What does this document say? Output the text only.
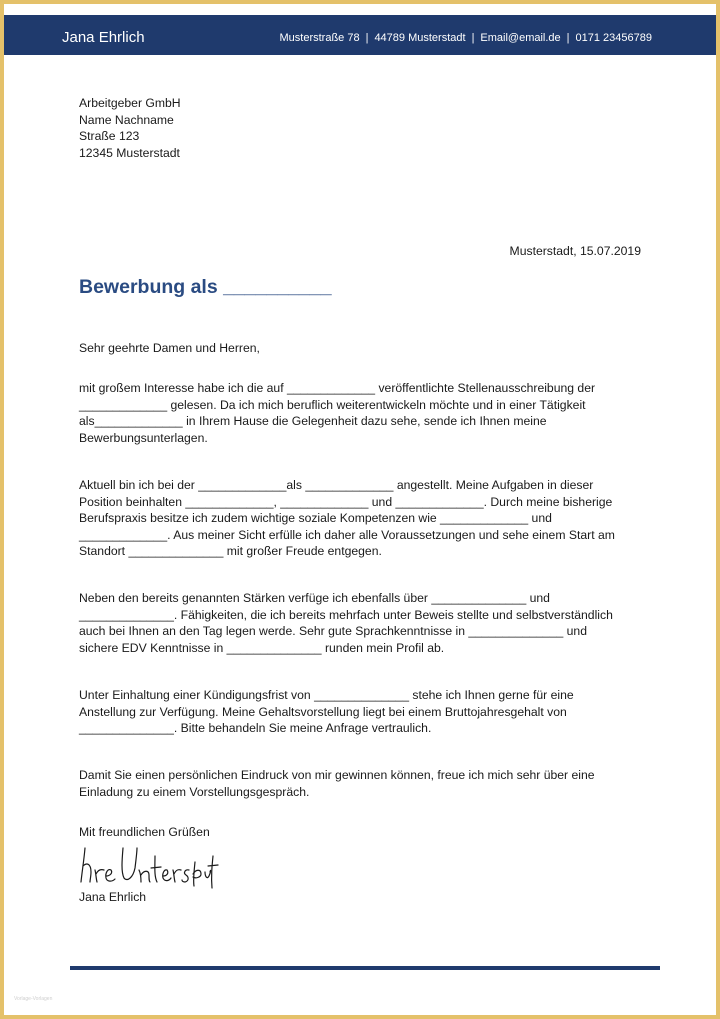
Jana Ehrlich	Musterstraße 78 | 44789 Musterstadt | Email@email.de | 0171 23456789
Arbeitgeber GmbH
Name Nachname
Straße 123
12345 Musterstadt
Musterstadt, 15.07.2019
Bewerbung als __________
Sehr geehrte Damen und Herren,
mit großem Interesse habe ich die auf _____________ veröffentlichte Stellenausschreibung der
_____________ gelesen. Da ich mich beruflich weiterentwickeln möchte und in einer Tätigkeit
als_____________ in Ihrem Hause die Gelegenheit dazu sehe, sende ich Ihnen meine
Bewerbungsunterlagen.
Aktuell bin ich bei der _____________als _____________ angestellt. Meine Aufgaben in dieser
Position beinhalten _____________, _____________ und _____________. Durch meine bisherige
Berufspraxis besitze ich zudem wichtige soziale Kompetenzen wie _____________ und
_____________. Aus meiner Sicht erfülle ich daher alle Voraussetzungen und sehe einem Start am
Standort ______________ mit großer Freude entgegen.
Neben den bereits genannten Stärken verfüge ich ebenfalls über ______________ und
______________. Fähigkeiten, die ich bereits mehrfach unter Beweis stellte und selbstverständlich
auch bei Ihnen an den Tag legen werde. Sehr gute Sprachkenntnisse in ______________ und
sichere EDV Kenntnisse in ______________ runden mein Profil ab.
Unter Einhaltung einer Kündigungsfrist von ______________ stehe ich Ihnen gerne für eine
Anstellung zur Verfügung. Meine Gehaltsvorstellung liegt bei einem Bruttojahresgehalt von
______________. Bitte behandeln Sie meine Anfrage vertraulich.
Damit Sie einen persönlichen Eindruck von mir gewinnen können, freue ich mich sehr über eine
Einladung zu einem Vorstellungsgespräch.
Mit freundlichen Grüßen
Jana Ehrlich
Vorlage-Vorlagen
